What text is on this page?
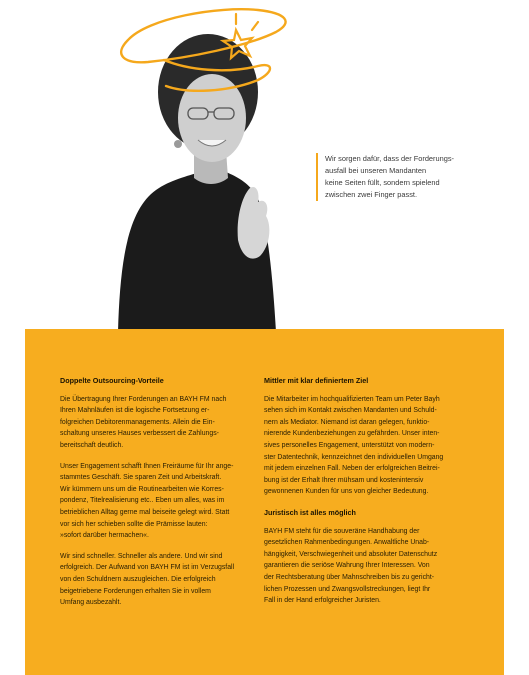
Wir sorgen dafür, dass der Forderungs-

ausfall bei unseren Mandanten

keine Seiten füllt, sondern spielend

zwischen zwei Finger passt.

Doppelte Outsourcing-Vorteile

Die Übertragung Ihrer Forderungen an BAYH FM nach
Ihren Mahnläufen ist die logische Fortsetzung er-
folgreichen Debitorenmanagements. Allein die Ein-
schaltung unseres Hauses verbessert die Zahlungs-
bereitschaft deutlich.

Unser Engagement schafft Ihnen Freiräume für Ihr ange-
stammtes Geschäft. Sie sparen Zeit und Arbeitskraft.
Wir kümmern uns um die Routinearbeiten wie Korres-
pondenz, Titelrealisierung etc.. Eben um alles, was im
betrieblichen Alltag gerne mal beiseite gelegt wird. Statt
vor sich her schieben sollte die Prämisse lauten:
»sofort darüber hermachen«.

Wir sind schneller. Schneller als andere. Und wir sind
erfolgreich. Der Aufwand von BAYH FM ist im Verzugsfall
von den Schuldnern auszugleichen. Die erfolgreich
beigetriebene Forderungen erhalten Sie in vollem
Umfang ausbezahlt.

Mittler mit klar definiertem Ziel

Die Mitarbeiter im hochqualifizierten Team um Peter Bayh
sehen sich im Kontakt zwischen Mandanten und Schuld-
nern als Mediator. Niemand ist daran gelegen, funktio-
nierende Kundenbeziehungen zu gefährden. Unser inten-
sives personelles Engagement, unterstützt von modern-
ster Datentechnik, kennzeichnet den individuellen Umgang
mit jedem einzelnen Fall. Neben der erfolgreichen Beitrei-
bung ist der Erhalt Ihrer mühsam und kostenintensiv
gewonnenen Kunden für uns von gleicher Bedeutung.

Juristisch ist alles möglich

BAYH FM steht für die souveräne Handhabung der
gesetzlichen Rahmenbedingungen. Anwaltliche Unab-
hängigkeit, Verschwiegenheit und absoluter Datenschutz
garantieren die seriöse Wahrung Ihrer Interessen. Von
der Rechtsberatung über Mahnschreiben bis zu gericht-
lichen Prozessen und Zwangsvollstreckungen, liegt Ihr
Fall in der Hand erfolgreicher Juristen.
